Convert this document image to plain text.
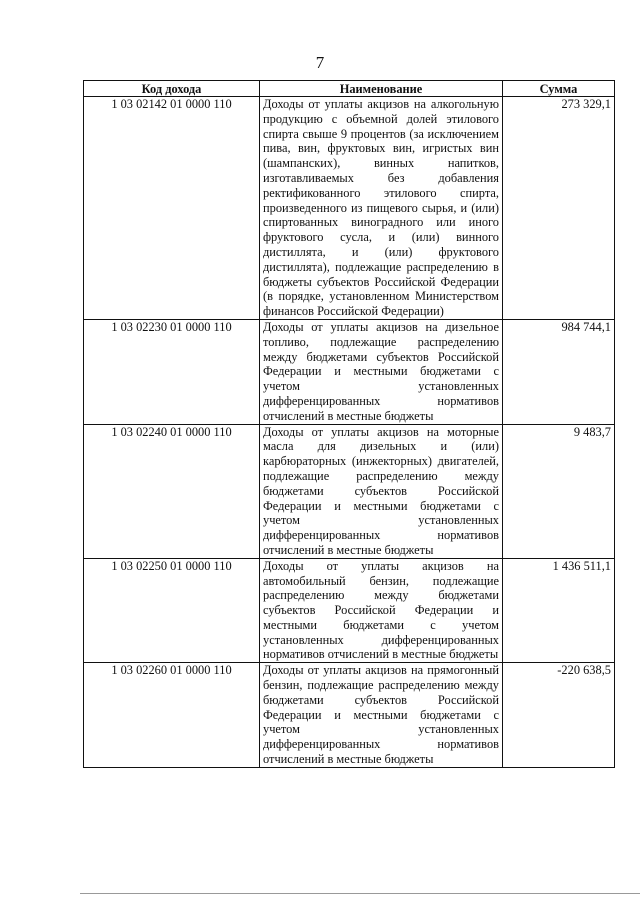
7
Код дохода	Наименование	Сумма
1 03 02142 01 0000 110	Доходы от уплаты акцизов на алкогольную продукцию с объемной долей этилового спирта свыше 9 процентов (за исключением пива, вин, фруктовых вин, игристых вин (шампанских), винных напитков, изготавливаемых без добавления ректификованного этилового спирта, произведенного из пищевого сырья, и (или) спиртованных виноградного или иного фруктового сусла, и (или) винного дистиллята, и (или) фруктового дистиллята), подлежащие распределению в бюджеты субъектов Российской Федерации (в порядке, установленном Министерством финансов Российской Федерации)	273 329,1
1 03 02230 01 0000 110	Доходы от уплаты акцизов на дизельное топливо, подлежащие распределению между бюджетами субъектов Российской Федерации и местными бюджетами с учетом установленных дифференцированных нормативов отчислений в местные бюджеты	984 744,1
1 03 02240 01 0000 110	Доходы от уплаты акцизов на моторные масла для дизельных и (или) карбюраторных (инжекторных) двигателей, подлежащие распределению между бюджетами субъектов Российской Федерации и местными бюджетами с учетом установленных дифференцированных нормативов отчислений в местные бюджеты	9 483,7
1 03 02250 01 0000 110	Доходы от уплаты акцизов на автомобильный бензин, подлежащие распределению между бюджетами субъектов Российской Федерации и местными бюджетами с учетом установленных дифференцированных нормативов отчислений в местные бюджеты	1 436 511,1
1 03 02260 01 0000 110	Доходы от уплаты акцизов на прямогонный бензин, подлежащие распределению между бюджетами субъектов Российской Федерации и местными бюджетами с учетом установленных дифференцированных нормативов отчислений в местные бюджеты	-220 638,5
